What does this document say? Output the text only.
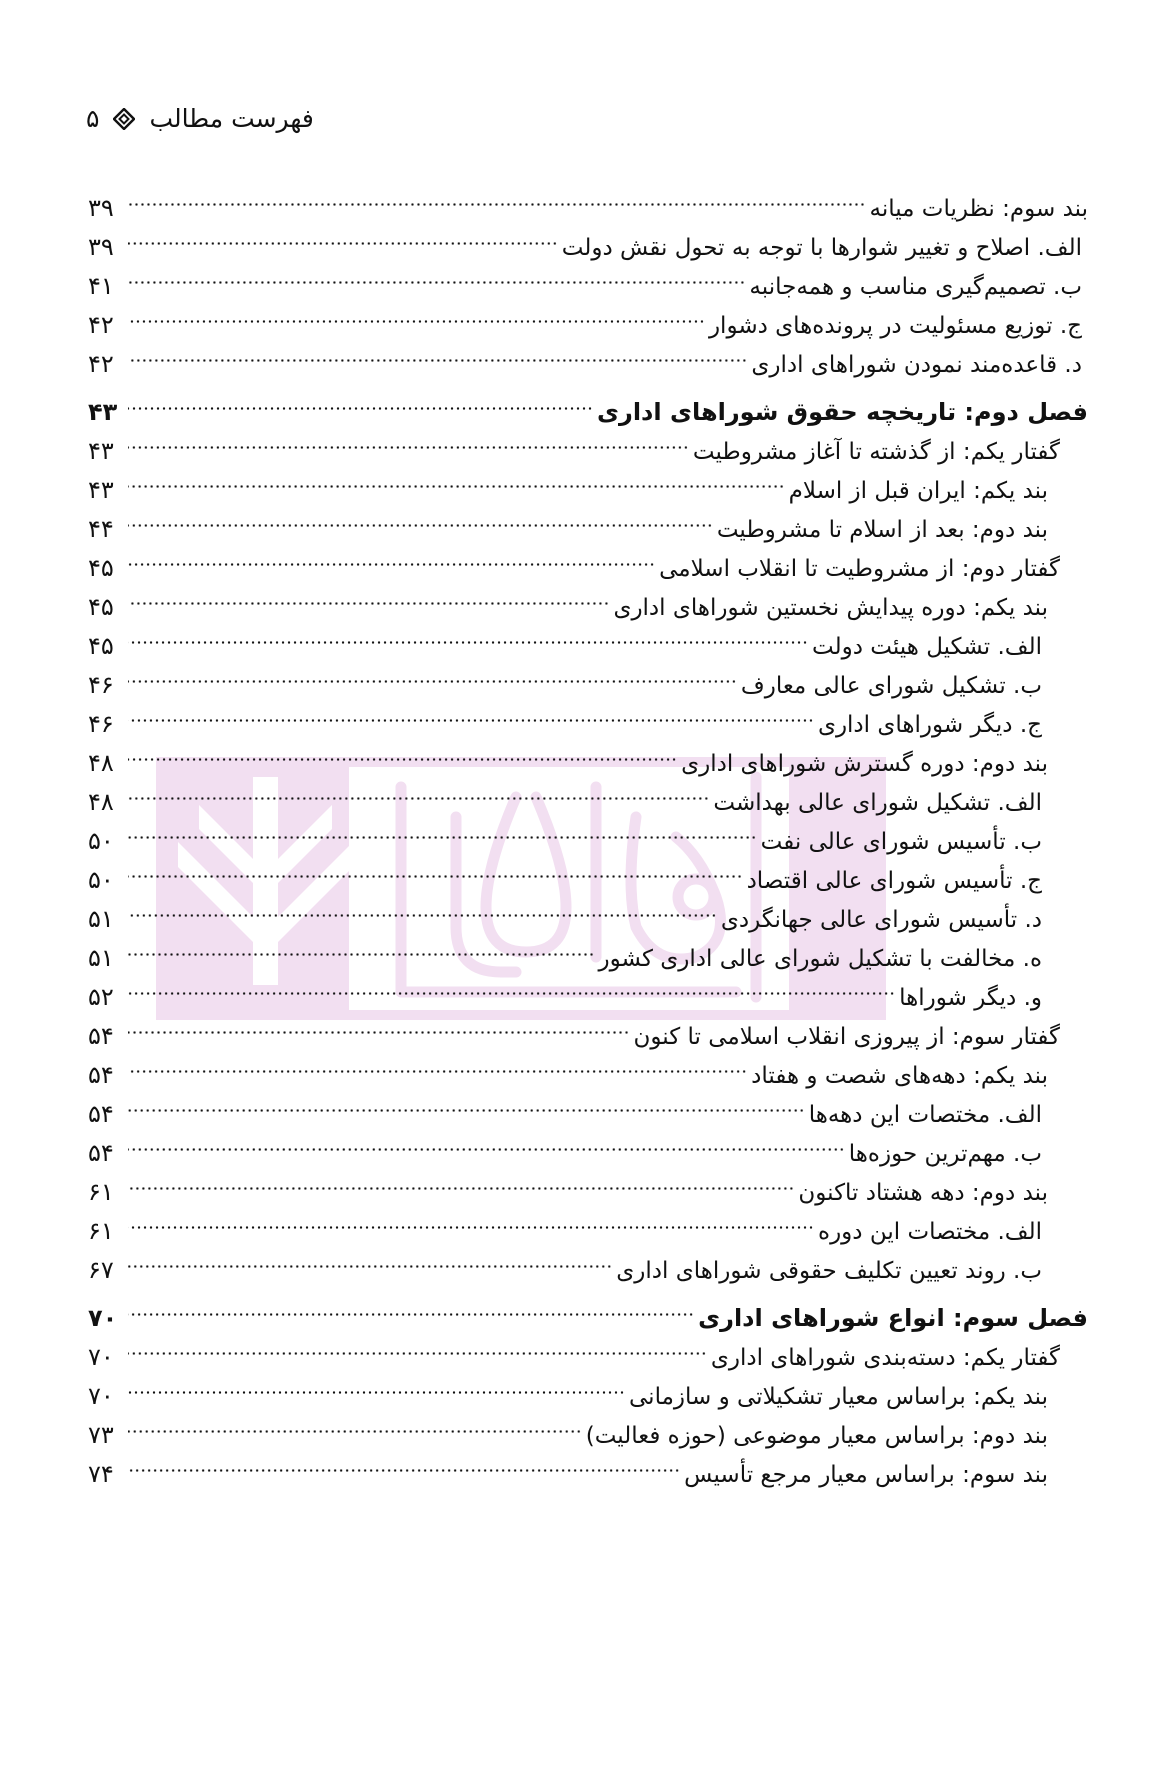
۵ فهرست مطالب
بند سوم: نظریات میانه
۳۹
الف. اصلاح و تغییر شوارها با توجه به تحول نقش دولت
۳۹
ب. تصمیم‌گیری مناسب و همه‌جانبه
۴۱
ج. توزیع مسئولیت در پرونده‌های دشوار
۴۲
د. قاعده‌مند نمودن شوراهای اداری
۴۲
فصل دوم: تاریخچه حقوق شوراهای اداری
۴۳
گفتار یکم: از گذشته تا آغاز مشروطیت
۴۳
بند یکم: ایران قبل از اسلام
۴۳
بند دوم: بعد از اسلام تا مشروطیت
۴۴
گفتار دوم: از مشروطیت تا انقلاب اسلامی
۴۵
بند یکم: دوره پیدایش نخستین شوراهای اداری
۴۵
الف. تشکیل هیئت دولت
۴۵
ب. تشکیل شورای عالی معارف
۴۶
ج. دیگر شوراهای اداری
۴۶
بند دوم: دوره گسترش شوراهای اداری
۴۸
الف. تشکیل شورای عالی بهداشت
۴۸
ب. تأسیس شورای عالی نفت
۵۰
ج. تأسیس شورای عالی اقتصاد
۵۰
د. تأسیس شورای عالی جهانگردی
۵۱
ه. مخالفت با تشکیل شورای عالی اداری کشور
۵۱
و. دیگر شوراها
۵۲
گفتار سوم: از پیروزی انقلاب اسلامی تا کنون
۵۴
بند یکم: دهه‌های شصت و هفتاد
۵۴
الف. مختصات این دهه‌ها
۵۴
ب. مهم‌ترین حوزه‌ها
۵۴
بند دوم: دهه هشتاد تاکنون
۶۱
الف. مختصات این دوره
۶۱
ب. روند تعیین تکلیف حقوقی شوراهای اداری
۶۷
فصل سوم: انواع شوراهای اداری
۷۰
گفتار یکم: دسته‌بندی شوراهای اداری
۷۰
بند یکم: براساس معیار تشکیلاتی و سازمانی
۷۰
بند دوم: براساس معیار موضوعی (حوزه فعالیت)
۷۳
بند سوم: براساس معیار مرجع تأسیس
۷۴
